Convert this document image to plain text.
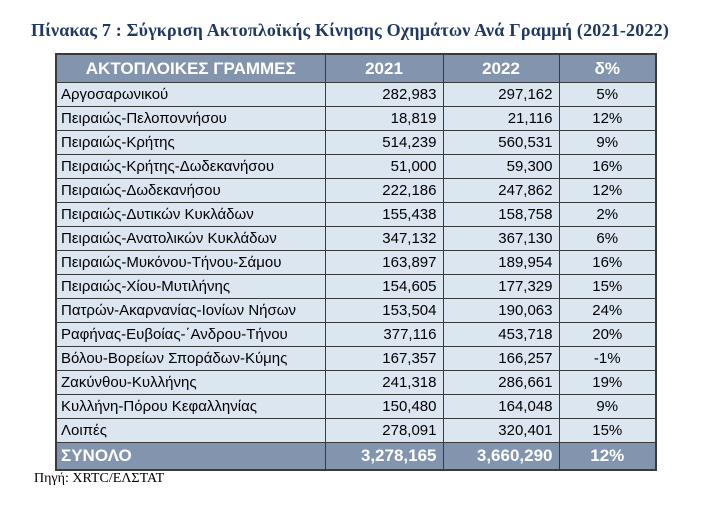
Πίνακας 7 : Σύγκριση Ακτοπλοϊκής Κίνησης Οχημάτων Ανά Γραμμή (2021-2022)
ΑΚΤΟΠΛΟΙΚΕΣ ΓΡΑΜΜΕΣ	2021	2022	δ%
Αργοσαρωνικού	282,983	297,162	5%
Πειραιώς-Πελοποννήσου	18,819	21,116	12%
Πειραιώς-Κρήτης	514,239	560,531	9%
Πειραιώς-Κρήτης-Δωδεκανήσου	51,000	59,300	16%
Πειραιώς-Δωδεκανήσου	222,186	247,862	12%
Πειραιώς-Δυτικών Κυκλάδων	155,438	158,758	2%
Πειραιώς-Ανατολικών Κυκλάδων	347,132	367,130	6%
Πειραιώς-Μυκόνου-Τήνου-Σάμου	163,897	189,954	16%
Πειραιώς-Χίου-Μυτιλήνης	154,605	177,329	15%
Πατρών-Ακαρνανίας-Ιονίων Νήσων	153,504	190,063	24%
Ραφήνας-Ευβοίας-΄Ανδρου-Τήνου	377,116	453,718	20%
Βόλου-Βορείων Σποράδων-Κύμης	167,357	166,257	-1%
Ζακύνθου-Κυλλήνης	241,318	286,661	19%
Κυλλήνη-Πόρου Κεφαλληνίας	150,480	164,048	9%
Λοιπές	278,091	320,401	15%
ΣΥΝΟΛΟ	3,278,165	3,660,290	12%
Πηγή: XRTC/ΕΛΣΤΑΤ
